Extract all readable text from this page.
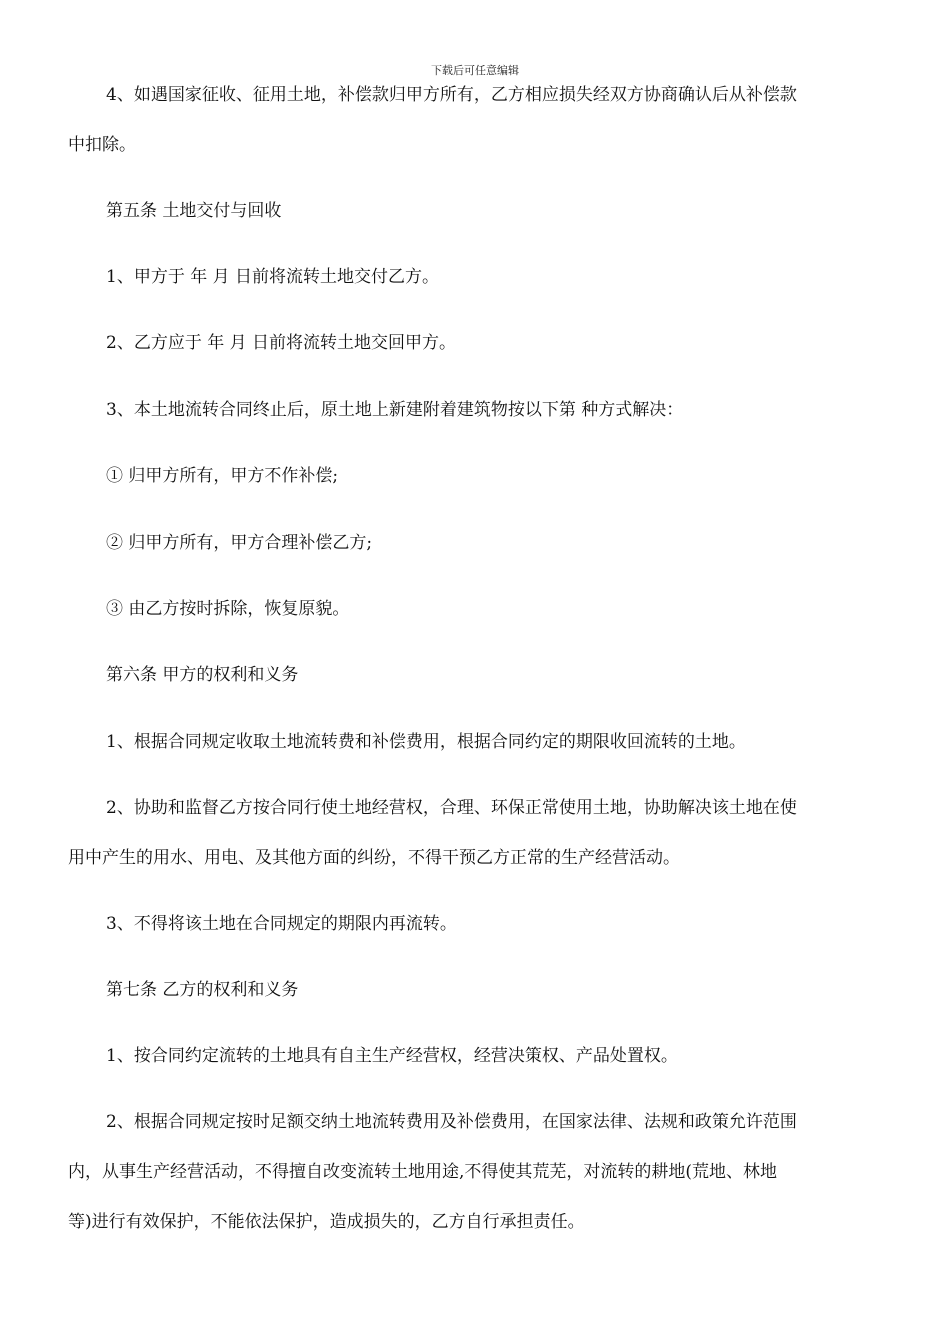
下载后可任意编辑

4、如遇国家征收、征用土地，补偿款归甲方所有，乙方相应损失经双方协商确认后从补偿款

中扣除。

第五条 土地交付与回收

1、甲方于 年 月 日前将流转土地交付乙方。

2、乙方应于 年 月 日前将流转土地交回甲方。

3、本土地流转合同终止后，原土地上新建附着建筑物按以下第 种方式解决：

① 归甲方所有，甲方不作补偿;

② 归甲方所有，甲方合理补偿乙方;

③ 由乙方按时拆除，恢复原貌。

第六条 甲方的权利和义务

1、根据合同规定收取土地流转费和补偿费用，根据合同约定的期限收回流转的土地。

2、协助和监督乙方按合同行使土地经营权，合理、环保正常使用土地，协助解决该土地在使

用中产生的用水、用电、及其他方面的纠纷，不得干预乙方正常的生产经营活动。

3、不得将该土地在合同规定的期限内再流转。

第七条 乙方的权利和义务

1、按合同约定流转的土地具有自主生产经营权，经营决策权、产品处置权。

2、根据合同规定按时足额交纳土地流转费用及补偿费用，在国家法律、法规和政策允许范围

内，从事生产经营活动，不得擅自改变流转土地用途,不得使其荒芜，对流转的耕地(荒地、林地

等)进行有效保护，不能依法保护，造成损失的，乙方自行承担责任。
